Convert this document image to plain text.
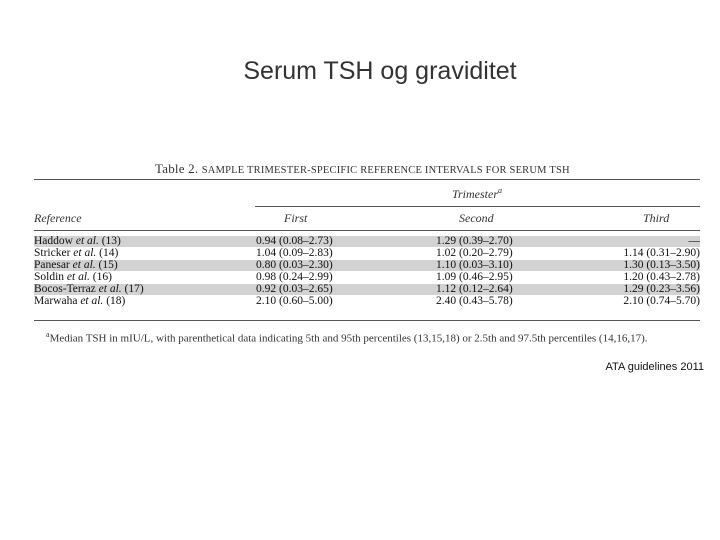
Serum TSH og graviditet
Table 2. SAMPLE TRIMESTER-SPECIFIC REFERENCE INTERVALS FOR SERUM TSH
Trimester$^a$
Reference	First	Second	Third
Haddow et al. (13)	0.94 (0.08–2.73)	1.29 (0.39–2.70)	—
Stricker et al. (14)	1.04 (0.09–2.83)	1.02 (0.20–2.79)	1.14 (0.31–2.90)
Panesar et al. (15)	0.80 (0.03–2.30)	1.10 (0.03–3.10)	1.30 (0.13–3.50)
Soldin et al. (16)	0.98 (0.24–2.99)	1.09 (0.46–2.95)	1.20 (0.43–2.78)
Bocos-Terraz et al. (17)	0.92 (0.03–2.65)	1.12 (0.12–2.64)	1.29 (0.23–3.56)
Marwaha et al. (18)	2.10 (0.60–5.00)	2.40 (0.43–5.78)	2.10 (0.74–5.70)
$^a$Median TSH in mIU/L, with parenthetical data indicating 5th and 95th percentiles (13,15,18) or 2.5th and 97.5th percentiles (14,16,17).
ATA guidelines 2011
